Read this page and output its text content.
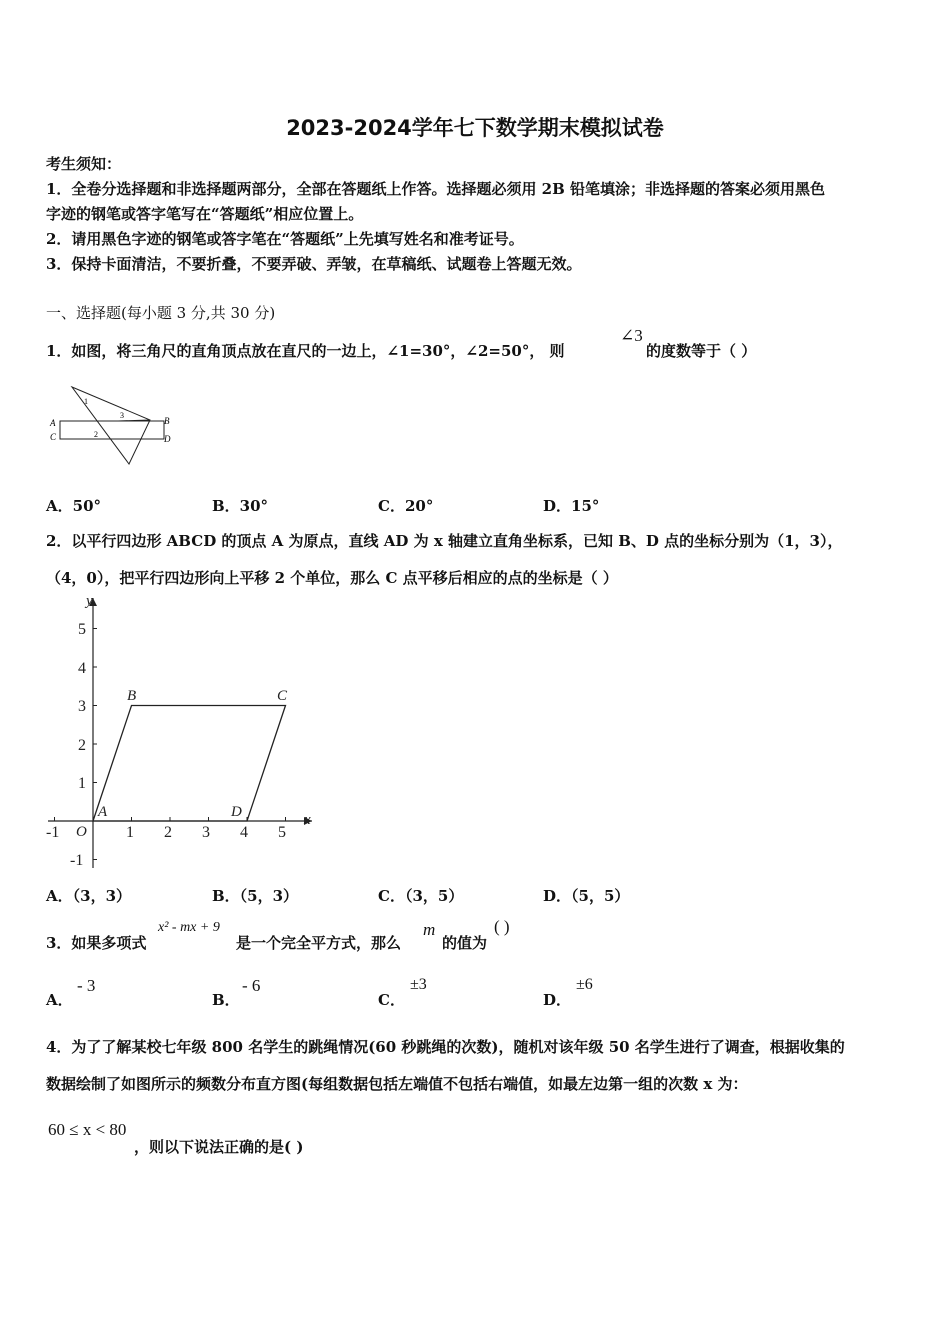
2023-2024学年七下数学期末模拟试卷
考生须知：
1．全卷分选择题和非选择题两部分，全部在答题纸上作答。选择题必须用 2B 铅笔填涂；非选择题的答案必须用黑色
字迹的钢笔或答字笔写在“答题纸”相应位置上。
2．请用黑色字迹的钢笔或答字笔在“答题纸”上先填写姓名和准考证号。
3．保持卡面清洁，不要折叠，不要弄破、弄皱，在草稿纸、试题卷上答题无效。
一、选择题(每小题 3 分,共 30 分)
1．如图，将三角尺的直角顶点放在直尺的一边上，∠1=30°，∠2=50°， 则
∠3
的度数等于（ ）
A
C
B
D
1
2
3
A．50°	B．30°	C．20°	D．15°
2．以平行四边形 ABCD 的顶点 A 为原点，直线 AD 为 x 轴建立直角坐标系，已知 B、D 点的坐标分别为（1，3），
（4，0），把平行四边形向上平移 2 个单位，那么 C 点平移后相应的点的坐标是（ ）
-1	1 2 3 4 5
5
4
3
2
1
-1
O
x
y
A
B	C
D
A．（3，3）	B．（5，3）	C．（3，5）	D．（5，5）
3．如果多项式
x² - mx + 9
是一个完全平方式，那么
m
的值为
( )
A．
- 3
B．
- 6
C．
±3
D．
±6
4．为了了解某校七年级 800 名学生的跳绳情况(60 秒跳绳的次数)，随机对该年级 50 名学生进行了调查，根据收集的
数据绘制了如图所示的频数分布直方图(每组数据包括左端值不包括右端值，如最左边第一组的次数 x 为：
60 ≤ x < 80
，则以下说法正确的是( )
